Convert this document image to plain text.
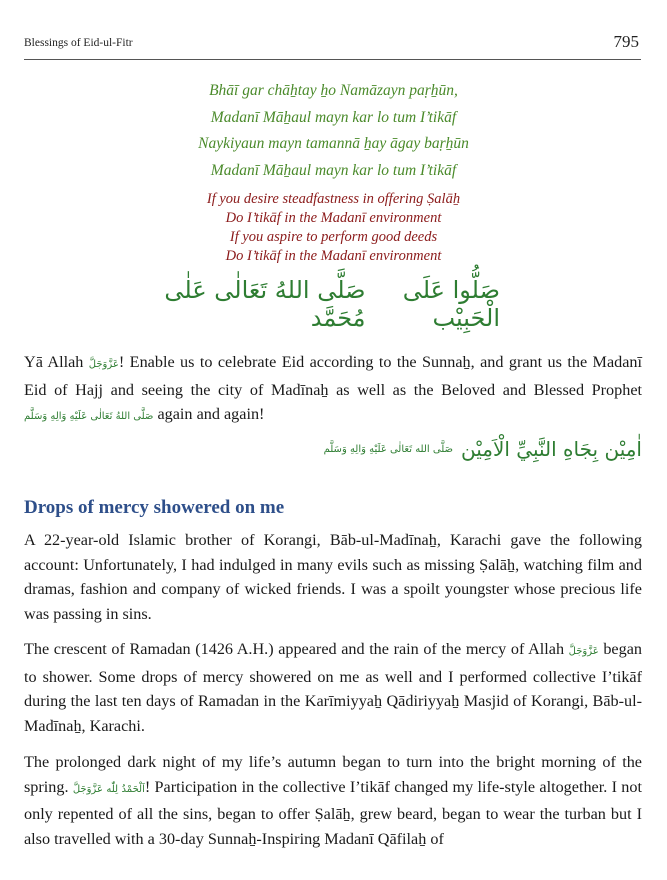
Blessings of Eid-ul-Fitr	795
Bhāī gar chāẖtay ẖo Namāzayn paṛẖūn,
Madanī Māẖaul mayn kar lo tum I’tikāf
Naykiyaun mayn tamannā ẖay āgay baṛẖūn
Madanī Māẖaul mayn kar lo tum I’tikāf
If you desire steadfastness in offering Ṣalāẖ
Do I’tikāf in the Madanī environment
If you aspire to perform good deeds
Do I’tikāf in the Madanī environment
صَلُّوا عَلَى الْحَبِيْب
صَلَّى اللهُ تَعَالٰى عَلٰى مُحَمَّد

Yā Allah عَزَّوَجَلَّ! Enable us to celebrate Eid according to the Sunnaẖ, and grant us the Madanī Eid of Hajj and seeing the city of Madīnaẖ as well as the Beloved and Blessed Prophet صَلَّى اللهُ تَعَالٰى عَلَيْهِ وَالِهِ وَسَلَّم again and again!

اٰمِيْن بِجَاهِ النَّبِيِّ الْاَمِيْن
صَلَّى الله تَعَالٰى عَلَيْهِ وَالِهِ وَسَلَّم
Drops of mercy showered on me

A 22-year-old Islamic brother of Korangi, Bāb-ul-Madīnaẖ, Karachi gave the following account: Unfortunately, I had indulged in many evils such as missing Ṣalāẖ, watching film and dramas, fashion and company of wicked friends. I was a spoilt youngster whose precious life was passing in sins.

The crescent of Ramadan (1426 A.H.) appeared and the rain of the mercy of Allah عَزَّوَجَلَّ began to shower. Some drops of mercy showered on me as well and I performed collective I’tikāf during the last ten days of Ramadan in the Karīmiyyaẖ Qādiriyyaẖ Masjid of Korangi, Bāb-ul-Madīnaẖ, Karachi.

The prolonged dark night of my life’s autumn began to turn into the bright morning of the spring. اَلْحَمْدُ لِلّٰه عَزَّوَجَلَّ! Participation in the collective I’tikāf changed my life-style altogether. I not only repented of all the sins, began to offer Ṣalāẖ, grew beard, began to wear the turban but I also travelled with a 30-day Sunnaẖ-Inspiring Madanī Qāfilaẖ of
